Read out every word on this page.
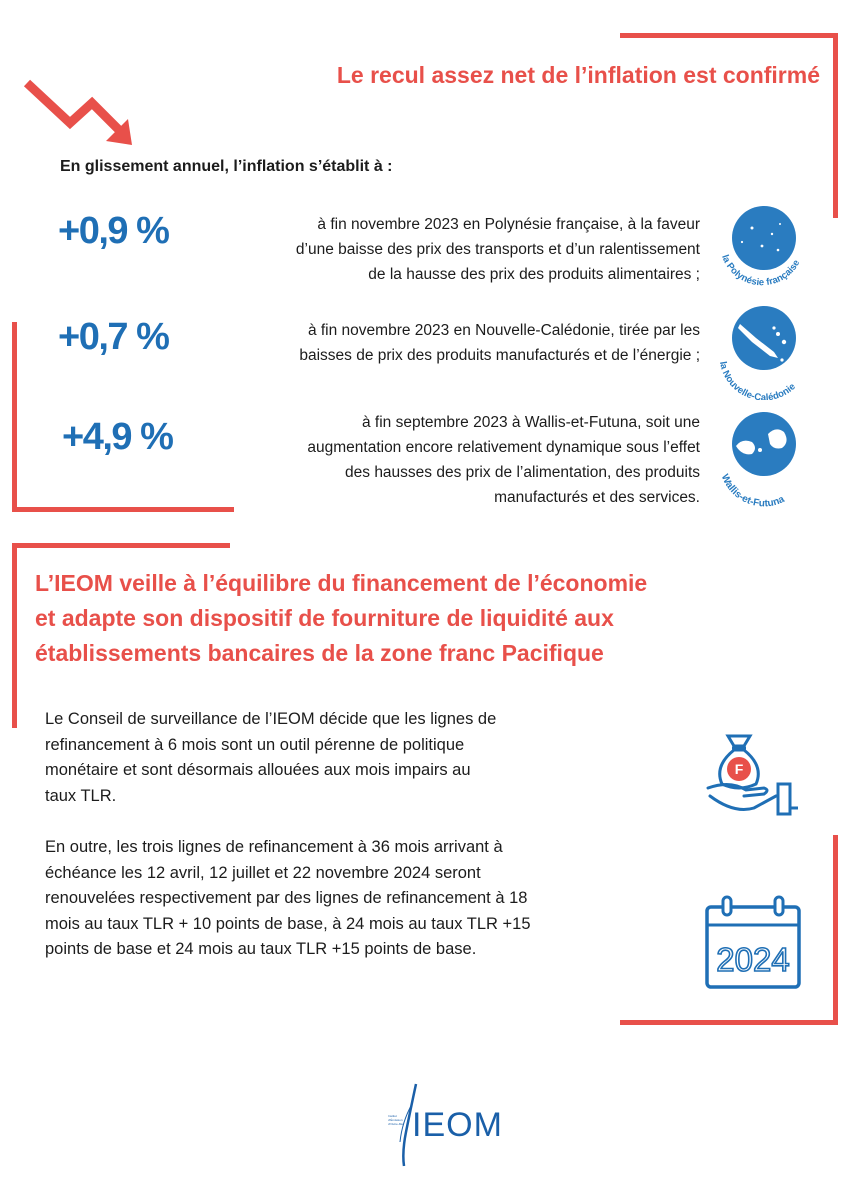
Le recul assez net de l’inflation est confirmé
En glissement annuel, l’inflation s’établit à :
+0,9 %	à fin novembre 2023 en Polynésie française, à la faveur
d’une baisse des prix des transports et d’un ralentissement
de la hausse des prix des produits alimentaires ;
la Polynésie française
+0,7 %	à fin novembre 2023 en Nouvelle-Calédonie, tirée par les
baisses de prix des produits manufacturés et de l’énergie ; la Nouvelle-Calédonie
+4,9 %	à fin septembre 2023 à Wallis-et-Futuna, soit une
augmentation encore relativement dynamique sous l’effet
des hausses des prix de l’alimentation, des produits
manufacturés et des services.
Wallis-et-Futuna
L’IEOM veille à l’équilibre du financement de l’économie
et adapte son dispositif de fourniture de liquidité aux
établissements bancaires de la zone franc Pacifique
Le Conseil de surveillance de l’IEOM décide que les lignes de
refinancement à 6 mois sont un outil pérenne de politique
monétaire et sont désormais allouées aux mois impairs au
taux TLR.
En outre, les trois lignes de refinancement à 36 mois arrivant à
échéance les 12 avril, 12 juillet et 22 novembre 2024 seront
renouvelées respectivement par des lignes de refinancement à 18
mois au taux TLR + 10 points de base, à 24 mois au taux TLR +15
points de base et 24 mois au taux TLR +15 points de base.
F
2024
IEOM
Institut d’Émission d’Outre-Mer
